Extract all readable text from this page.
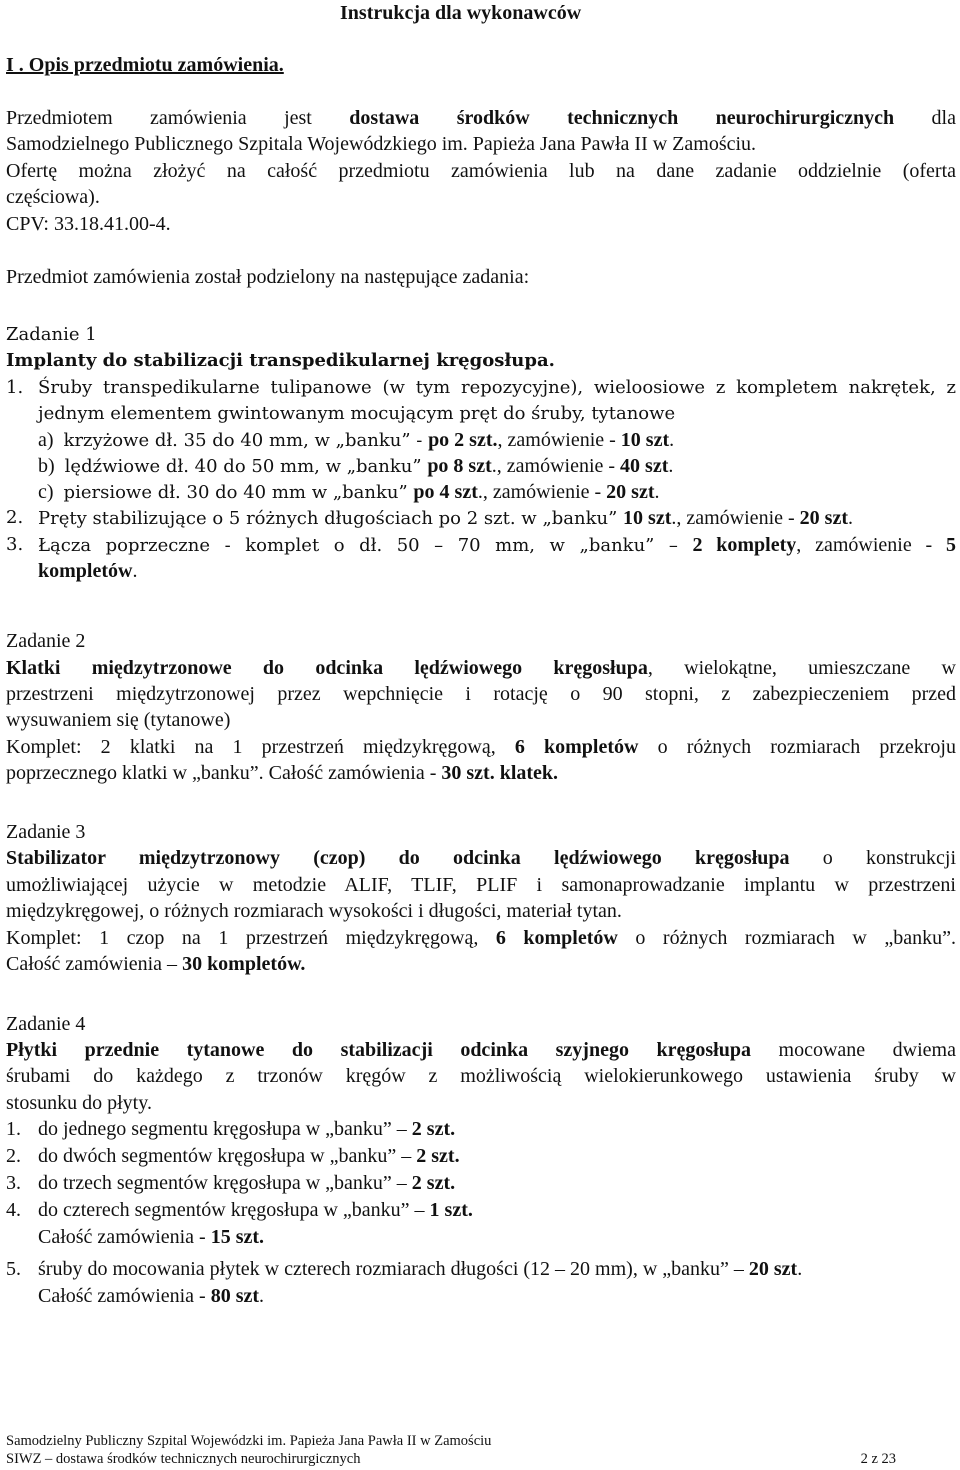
Instrukcja dla wykonawców
I . Opis przedmiotu zamówienia.
Przedmiotem zamówienia jest dostawa środków technicznych neurochirurgicznych dla
Samodzielnego Publicznego Szpitala Wojewódzkiego im. Papieża Jana Pawła II w Zamościu.
Ofertę można złożyć na całość przedmiotu zamówienia lub na dane zadanie oddzielnie (oferta
częściowa).
CPV: 33.18.41.00-4.
Przedmiot zamówienia został podzielony na następujące zadania:
Zadanie 1
Implanty do stabilizacji transpedikularnej kręgosłupa.
1. Śruby transpedikularne tulipanowe (w tym repozycyjne), wieloosiowe z kompletem nakrętek, z
jednym elementem gwintowanym mocującym pręt do śruby, tytanowe
a) krzyżowe dł. 35 do 40 mm, w „banku” - po 2 szt., zamówienie - 10 szt.
b) lędźwiowe dł. 40 do 50 mm, w „banku” po 8 szt., zamówienie - 40 szt.
c) piersiowe dł. 30 do 40 mm w „banku” po 4 szt., zamówienie - 20 szt.
2. Pręty stabilizujące o 5 różnych długościach po 2 szt. w „banku” 10 szt., zamówienie - 20 szt.
3. Łącza poprzeczne - komplet o dł. 50 – 70 mm, w „banku” – 2 komplety, zamówienie - 5
kompletów.
Zadanie 2
Klatki międzytrzonowe do odcinka lędźwiowego kręgosłupa, wielokątne, umieszczane w
przestrzeni międzytrzonowej przez wepchnięcie i rotację o 90 stopni, z zabezpieczeniem przed
wysuwaniem się (tytanowe)
Komplet: 2 klatki na 1 przestrzeń międzykręgową, 6 kompletów o różnych rozmiarach przekroju
poprzecznego klatki w „banku”. Całość zamówienia - 30 szt. klatek.
Zadanie 3
Stabilizator międzytrzonowy (czop) do odcinka lędźwiowego kręgosłupa o konstrukcji
umożliwiającej użycie w metodzie ALIF, TLIF, PLIF i samonaprowadzanie implantu w przestrzeni
międzykręgowej, o różnych rozmiarach wysokości i długości, materiał tytan.
Komplet: 1 czop na 1 przestrzeń międzykręgową, 6 kompletów o różnych rozmiarach w „banku”.
Całość zamówienia – 30 kompletów.
Zadanie 4
Płytki przednie tytanowe do stabilizacji odcinka szyjnego kręgosłupa mocowane dwiema
śrubami do każdego z trzonów kręgów z możliwością wielokierunkowego ustawienia śruby w
stosunku do płyty.
1. do jednego segmentu kręgosłupa w „banku” – 2 szt.
2. do dwóch segmentów kręgosłupa w „banku” – 2 szt.
3. do trzech segmentów kręgosłupa w „banku” – 2 szt.
4. do czterech segmentów kręgosłupa w „banku” – 1 szt.
Całość zamówienia - 15 szt.
5. śruby do mocowania płytek w czterech rozmiarach długości (12 – 20 mm), w „banku” – 20 szt.
Całość zamówienia - 80 szt.
Samodzielny Publiczny Szpital Wojewódzki im. Papieża Jana Pawła II w Zamościu
SIWZ – dostawa środków technicznych neurochirurgicznych	2 z 23
